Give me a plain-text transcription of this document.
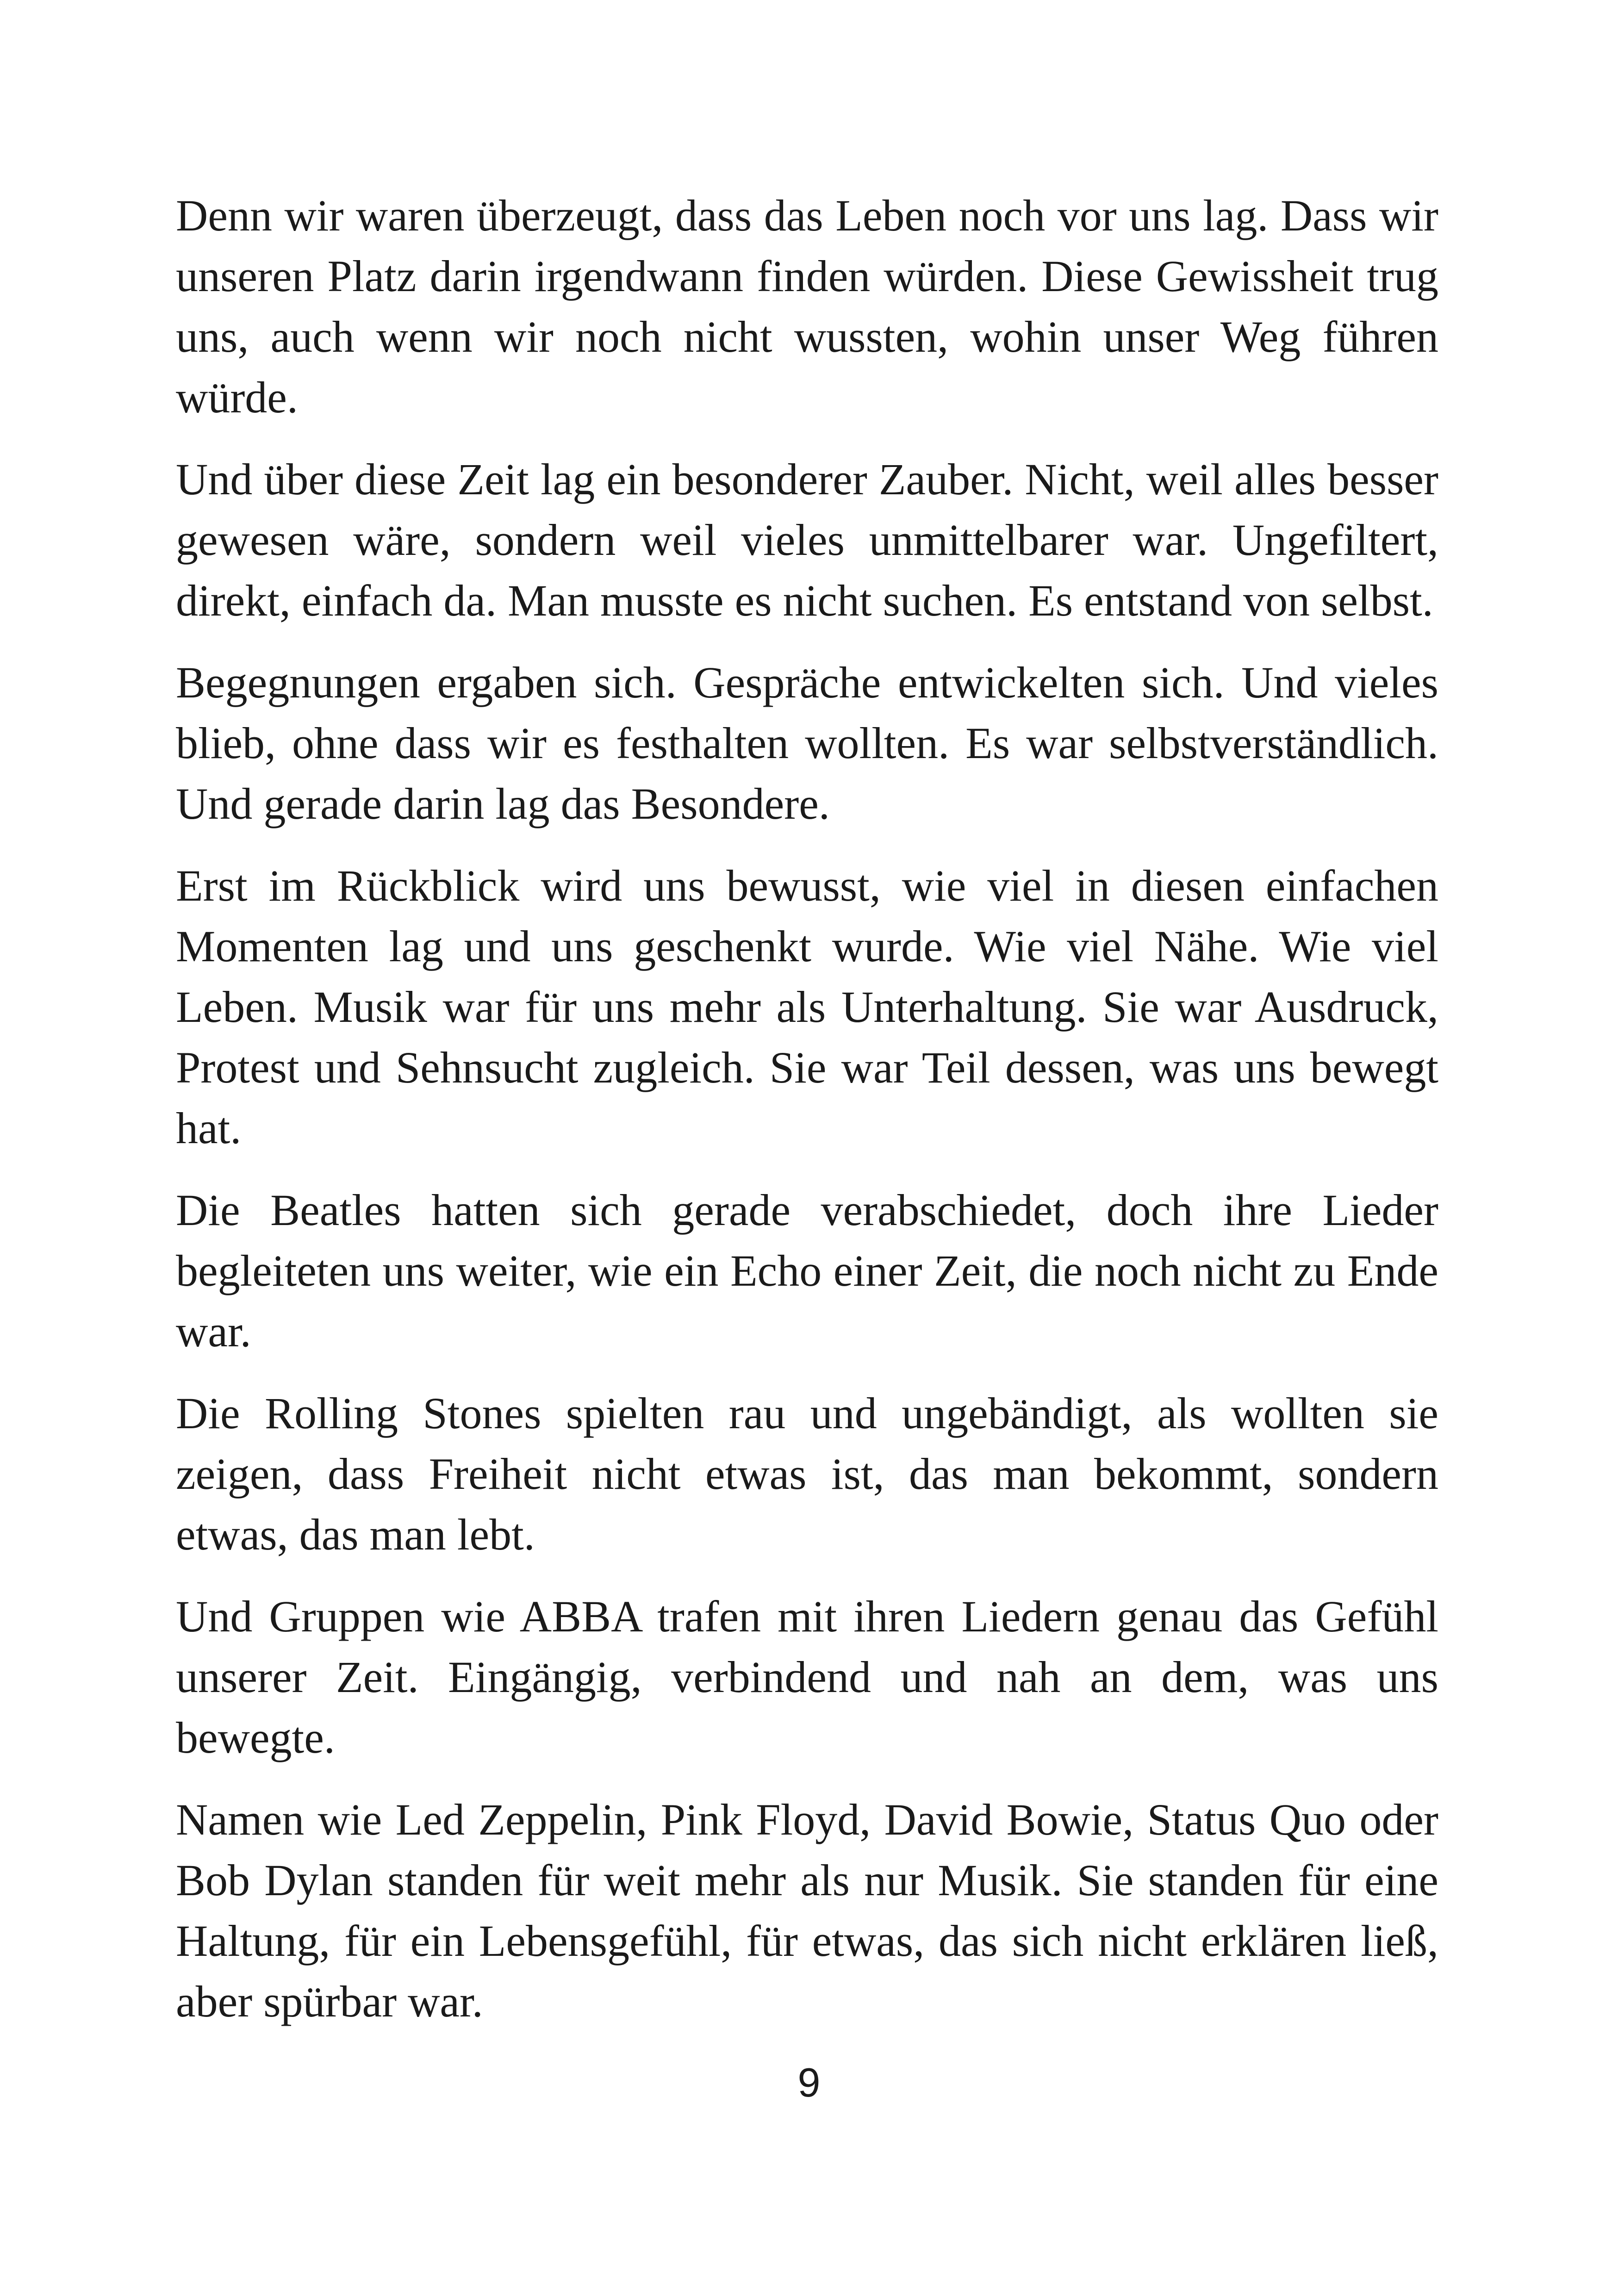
Denn wir waren überzeugt, dass das Leben noch vor uns lag. Dass wir unseren Platz darin irgendwann finden würden. Diese Gewissheit trug uns, auch wenn wir noch nicht wussten, wohin unser Weg führen würde.

Und über diese Zeit lag ein besonderer Zauber. Nicht, weil alles besser gewesen wäre, sondern weil vieles unmittelbarer war. Ungefiltert, direkt, einfach da. Man musste es nicht suchen. Es entstand von selbst.

Begegnungen ergaben sich. Gespräche entwickelten sich. Und vieles blieb, ohne dass wir es festhalten wollten. Es war selbstverständlich. Und gerade darin lag das Besondere.

Erst im Rückblick wird uns bewusst, wie viel in diesen einfachen Momenten lag und uns geschenkt wurde. Wie viel Nähe. Wie viel Leben. Musik war für uns mehr als Unterhaltung. Sie war Ausdruck, Protest und Sehnsucht zugleich. Sie war Teil dessen, was uns bewegt hat.

Die Beatles hatten sich gerade verabschiedet, doch ihre Lieder begleiteten uns weiter, wie ein Echo einer Zeit, die noch nicht zu Ende war.

Die Rolling Stones spielten rau und ungebändigt, als wollten sie zeigen, dass Freiheit nicht etwas ist, das man bekommt, sondern etwas, das man lebt.

Und Gruppen wie ABBA trafen mit ihren Liedern genau das Gefühl unserer Zeit. Eingängig, verbindend und nah an dem, was uns bewegte.

Namen wie Led Zeppelin, Pink Floyd, David Bowie, Status Quo oder Bob Dylan standen für weit mehr als nur Musik. Sie standen für eine Haltung, für ein Lebensgefühl, für etwas, das sich nicht erklären ließ, aber spürbar war.

9
